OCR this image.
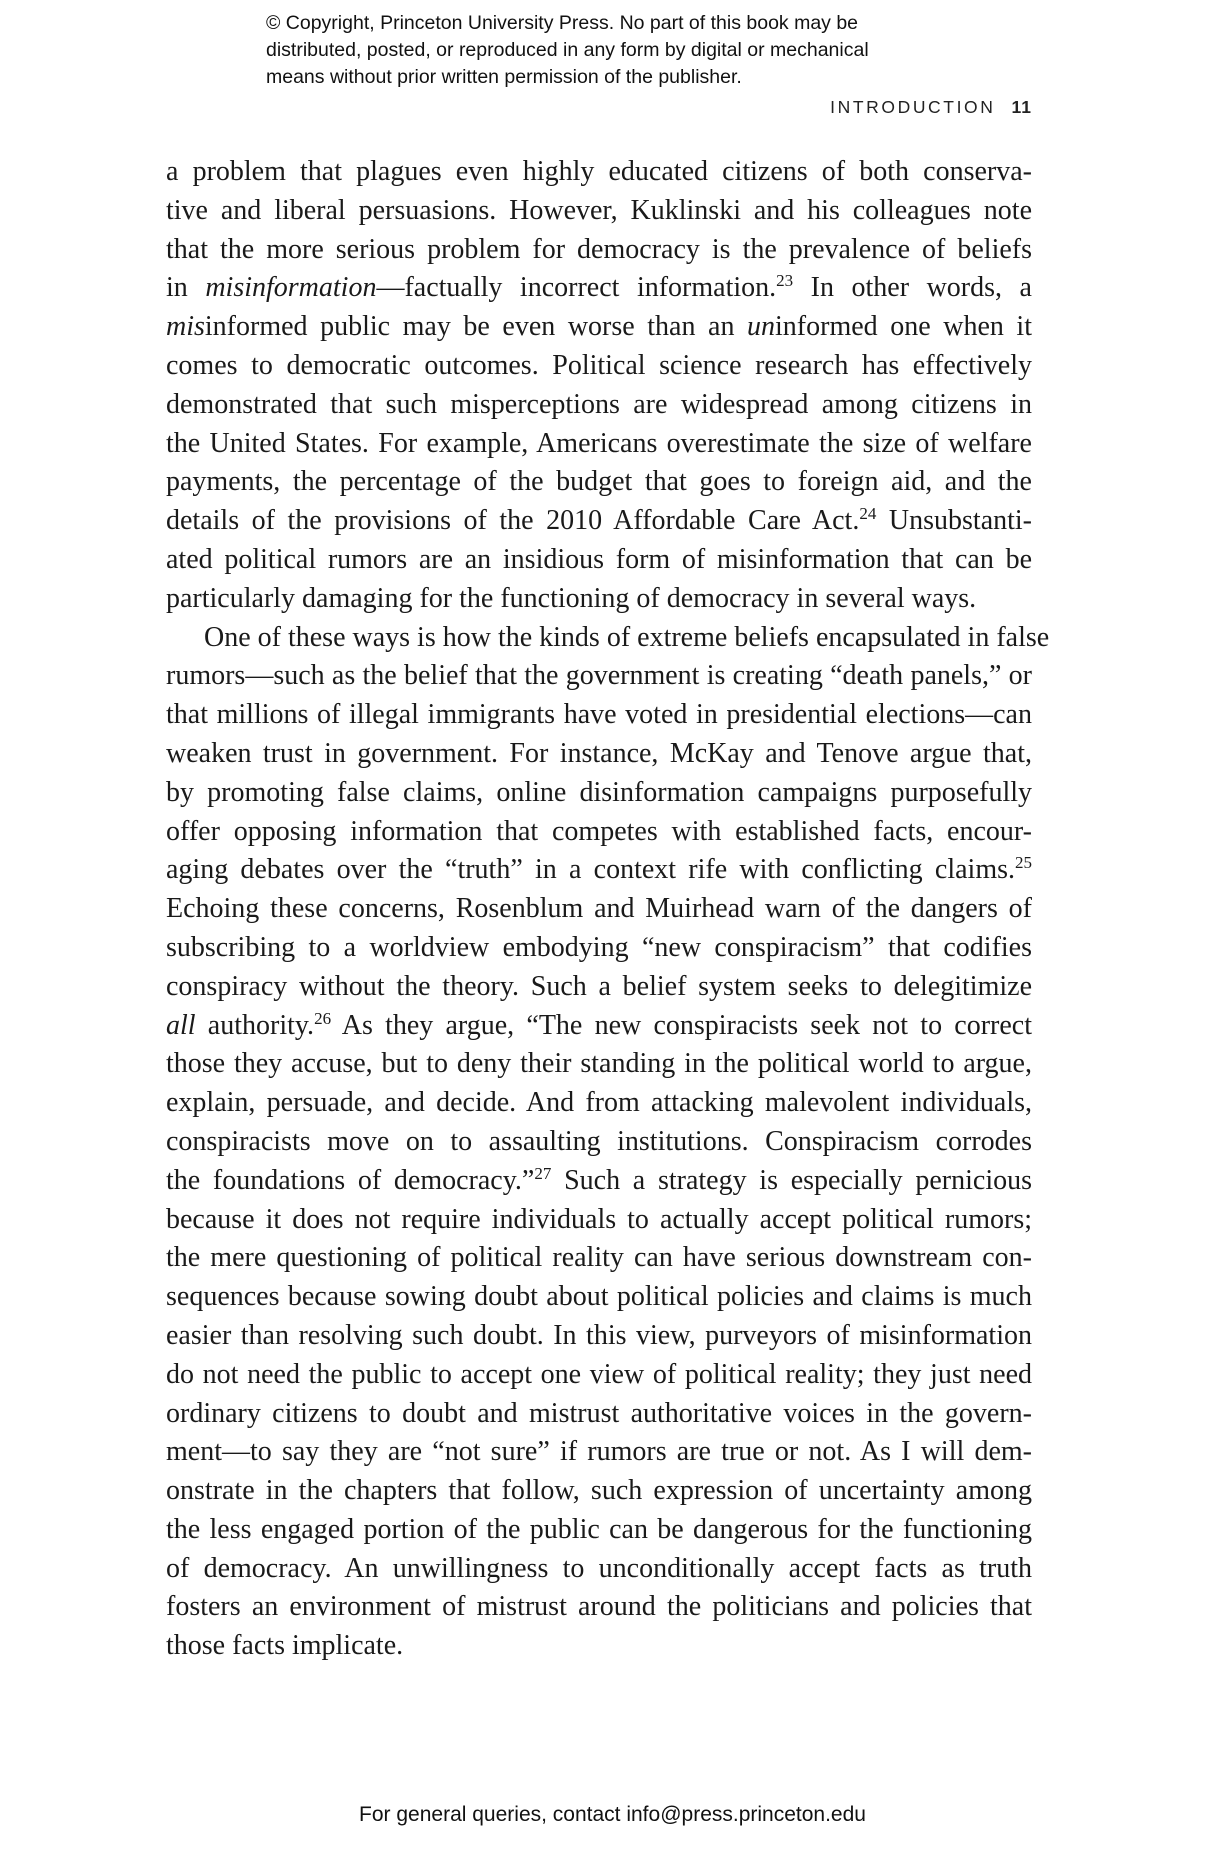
© Copyright, Princeton University Press. No part of this book may be
distributed, posted, or reproduced in any form by digital or mechanical
means without prior written permission of the publisher.
INTRODUCTION 11
a problem that plagues even highly educated citizens of both conserva-
tive and liberal persuasions. However, Kuklinski and his colleagues note
that the more serious problem for democracy is the prevalence of beliefs
in misinformation—factually incorrect information.$^{23}$ In other words, a
misinformed public may be even worse than an uninformed one when it
comes to democratic outcomes. Political science research has effectively
demonstrated that such misperceptions are widespread among citizens in
the United States. For example, Americans overestimate the size of welfare
payments, the percentage of the budget that goes to foreign aid, and the
details of the provisions of the 2010 Affordable Care Act.$^{24}$ Unsubstanti-
ated political rumors are an insidious form of misinformation that can be
particularly damaging for the functioning of democracy in several ways.
One of these ways is how the kinds of extreme beliefs encapsulated in false
rumors—such as the belief that the government is creating “death panels,” or
that millions of illegal immigrants have voted in presidential elections—can
weaken trust in government. For instance, McKay and Tenove argue that,
by promoting false claims, online disinformation campaigns purposefully
offer opposing information that competes with established facts, encour-
aging debates over the “truth” in a context rife with conflicting claims.$^{25}$
Echoing these concerns, Rosenblum and Muirhead warn of the dangers of
subscribing to a worldview embodying “new conspiracism” that codifies
conspiracy without the theory. Such a belief system seeks to delegitimize
all authority.$^{26}$ As they argue, “The new conspiracists seek not to correct
those they accuse, but to deny their standing in the political world to argue,
explain, persuade, and decide. And from attacking malevolent individuals,
conspiracists move on to assaulting institutions. Conspiracism corrodes
the foundations of democracy.”$^{27}$ Such a strategy is especially pernicious
because it does not require individuals to actually accept political rumors;
the mere questioning of political reality can have serious downstream con-
sequences because sowing doubt about political policies and claims is much
easier than resolving such doubt. In this view, purveyors of misinformation
do not need the public to accept one view of political reality; they just need
ordinary citizens to doubt and mistrust authoritative voices in the govern-
ment—to say they are “not sure” if rumors are true or not. As I will dem-
onstrate in the chapters that follow, such expression of uncertainty among
the less engaged portion of the public can be dangerous for the functioning
of democracy. An unwillingness to unconditionally accept facts as truth
fosters an environment of mistrust around the politicians and policies that
those facts implicate.
For general queries, contact info@press.princeton.edu
